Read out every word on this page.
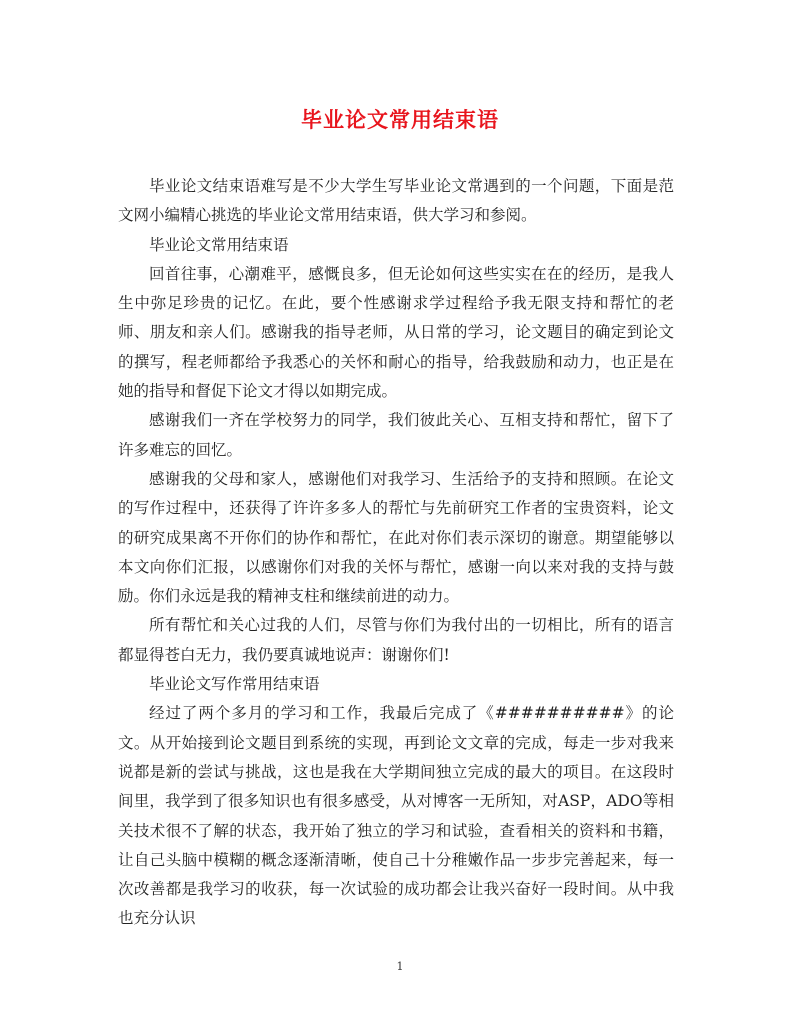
毕业论文常用结束语

毕业论文结束语难写是不少大学生写毕业论文常遇到的一个问题，下面是范文网小编精心挑选的毕业论文常用结束语，供大学习和参阅。

毕业论文常用结束语

回首往事，心潮难平，感慨良多，但无论如何这些实实在在的经历，是我人生中弥足珍贵的记忆。在此，要个性感谢求学过程给予我无限支持和帮忙的老师、朋友和亲人们。感谢我的指导老师，从日常的学习，论文题目的确定到论文的撰写，程老师都给予我悉心的关怀和耐心的指导，给我鼓励和动力，也正是在她的指导和督促下论文才得以如期完成。

感谢我们一齐在学校努力的同学，我们彼此关心、互相支持和帮忙，留下了许多难忘的回忆。

感谢我的父母和家人，感谢他们对我学习、生活给予的支持和照顾。在论文的写作过程中，还获得了许许多多人的帮忙与先前研究工作者的宝贵资料，论文的研究成果离不开你们的协作和帮忙，在此对你们表示深切的谢意。期望能够以本文向你们汇报，以感谢你们对我的关怀与帮忙，感谢一向以来对我的支持与鼓励。你们永远是我的精神支柱和继续前进的动力。

所有帮忙和关心过我的人们，尽管与你们为我付出的一切相比，所有的语言都显得苍白无力，我仍要真诚地说声：谢谢你们!

毕业论文写作常用结束语

经过了两个多月的学习和工作，我最后完成了《##########》的论文。从开始接到论文题目到系统的实现，再到论文文章的完成，每走一步对我来说都是新的尝试与挑战，这也是我在大学期间独立完成的最大的项目。在这段时间里，我学到了很多知识也有很多感受，从对博客一无所知，对ASP，ADO等相关技术很不了解的状态，我开始了独立的学习和试验，查看相关的资料和书籍，让自己头脑中模糊的概念逐渐清晰，使自己十分稚嫩作品一步步完善起来，每一次改善都是我学习的收获，每一次试验的成功都会让我兴奋好一段时间。从中我也充分认识

1
